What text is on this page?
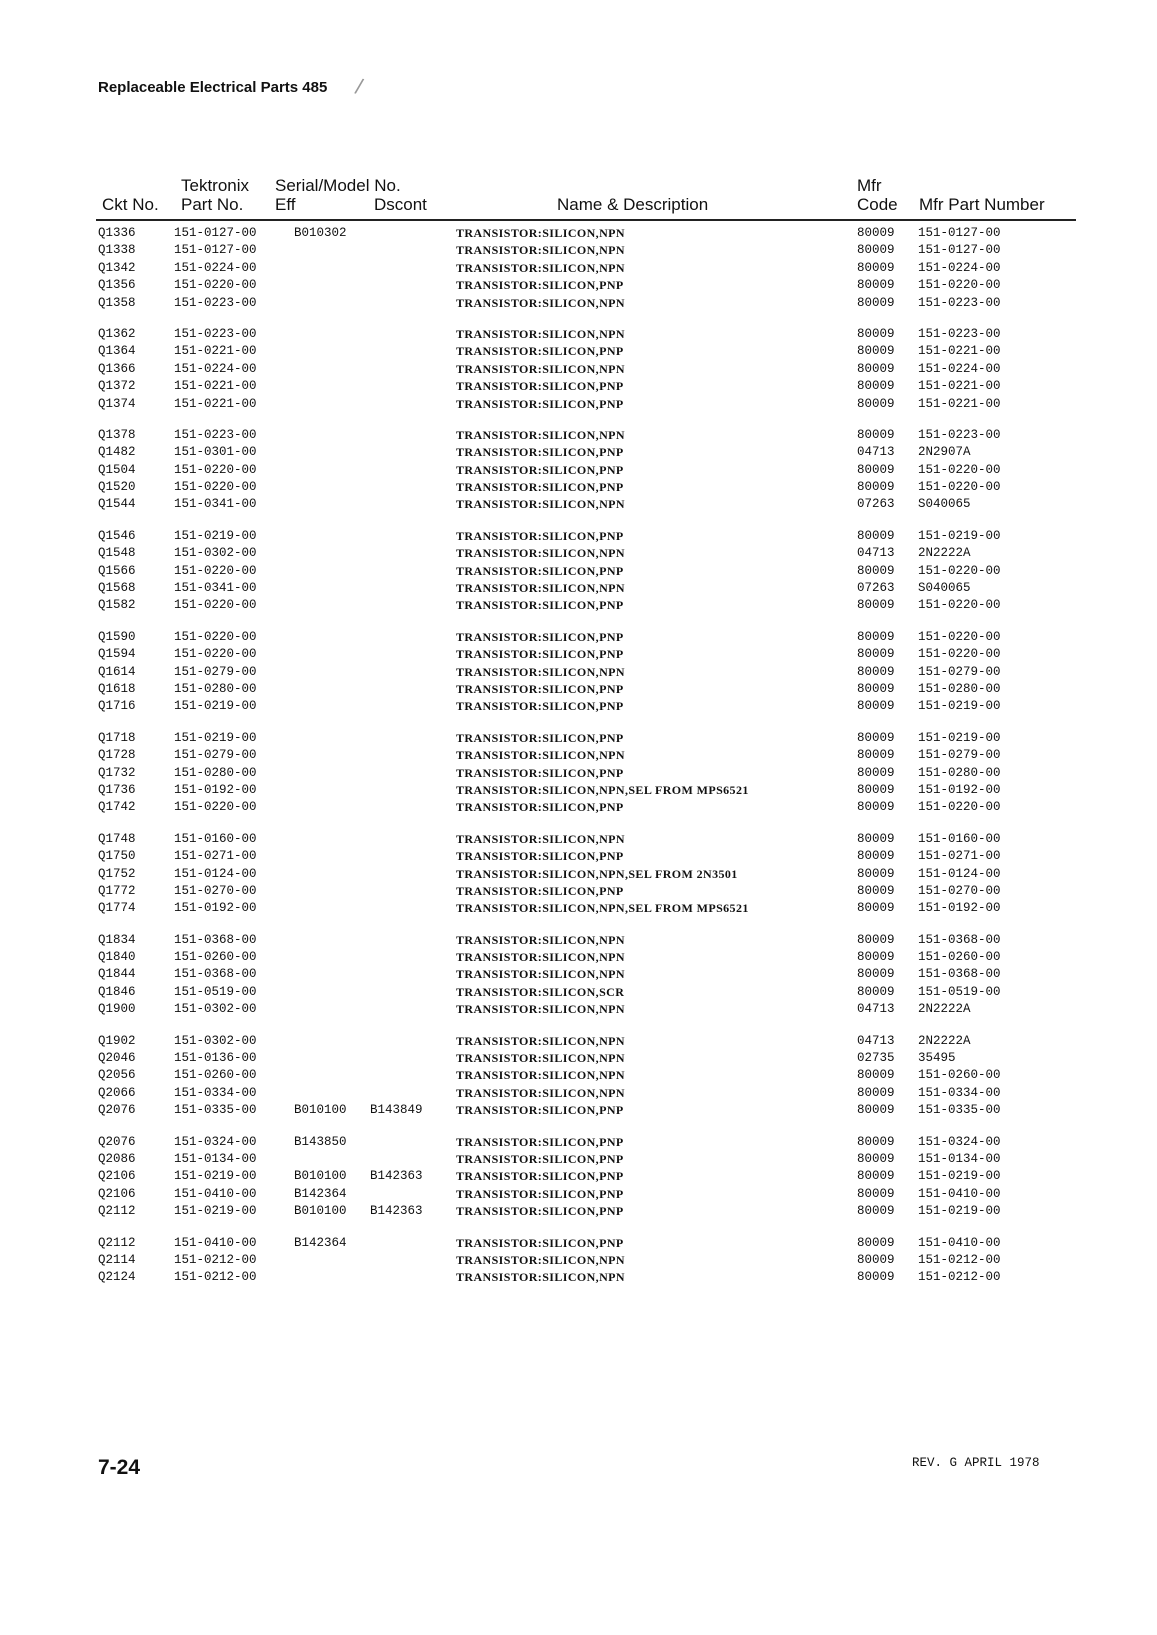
Replaceable Electrical Parts 485 /
Tektronix Serial/Model No.	Mfr
Ckt No. Part No. Eff	Dscont	Name & Description	Code Mfr Part Number
Q1336	151-0127-00	B010302	TRANSISTOR:SILICON,NPN	80009 151-0127-00
Q1338	151-0127-00	TRANSISTOR:SILICON,NPN	80009 151-0127-00
Q1342	151-0224-00	TRANSISTOR:SILICON,NPN	80009 151-0224-00
Q1356	151-0220-00	TRANSISTOR:SILICON,PNP	80009 151-0220-00
Q1358	151-0223-00	TRANSISTOR:SILICON,NPN	80009 151-0223-00
Q1362	151-0223-00	TRANSISTOR:SILICON,NPN	80009 151-0223-00
Q1364	151-0221-00	TRANSISTOR:SILICON,PNP	80009 151-0221-00
Q1366	151-0224-00	TRANSISTOR:SILICON,NPN	80009 151-0224-00
Q1372	151-0221-00	TRANSISTOR:SILICON,PNP	80009 151-0221-00
Q1374	151-0221-00	TRANSISTOR:SILICON,PNP	80009 151-0221-00
Q1378	151-0223-00	TRANSISTOR:SILICON,NPN	80009 151-0223-00
Q1482	151-0301-00	TRANSISTOR:SILICON,PNP	04713 2N2907A
Q1504	151-0220-00	TRANSISTOR:SILICON,PNP	80009 151-0220-00
Q1520	151-0220-00	TRANSISTOR:SILICON,PNP	80009 151-0220-00
Q1544	151-0341-00	TRANSISTOR:SILICON,NPN	07263 S040065
Q1546	151-0219-00	TRANSISTOR:SILICON,PNP	80009 151-0219-00
Q1548	151-0302-00	TRANSISTOR:SILICON,NPN	04713 2N2222A
Q1566	151-0220-00	TRANSISTOR:SILICON,PNP	80009 151-0220-00
Q1568	151-0341-00	TRANSISTOR:SILICON,NPN	07263 S040065
Q1582	151-0220-00	TRANSISTOR:SILICON,PNP	80009 151-0220-00
Q1590	151-0220-00	TRANSISTOR:SILICON,PNP	80009 151-0220-00
Q1594	151-0220-00	TRANSISTOR:SILICON,PNP	80009 151-0220-00
Q1614	151-0279-00	TRANSISTOR:SILICON,NPN	80009 151-0279-00
Q1618	151-0280-00	TRANSISTOR:SILICON,PNP	80009 151-0280-00
Q1716	151-0219-00	TRANSISTOR:SILICON,PNP	80009 151-0219-00
Q1718	151-0219-00	TRANSISTOR:SILICON,PNP	80009 151-0219-00
Q1728	151-0279-00	TRANSISTOR:SILICON,NPN	80009 151-0279-00
Q1732	151-0280-00	TRANSISTOR:SILICON,PNP	80009 151-0280-00
Q1736	151-0192-00	TRANSISTOR:SILICON,NPN,SEL FROM MPS6521	80009 151-0192-00
Q1742	151-0220-00	TRANSISTOR:SILICON,PNP	80009 151-0220-00
Q1748	151-0160-00	TRANSISTOR:SILICON,NPN	80009 151-0160-00
Q1750	151-0271-00	TRANSISTOR:SILICON,PNP	80009 151-0271-00
Q1752	151-0124-00	TRANSISTOR:SILICON,NPN,SEL FROM 2N3501	80009 151-0124-00
Q1772	151-0270-00	TRANSISTOR:SILICON,PNP	80009 151-0270-00
Q1774	151-0192-00	TRANSISTOR:SILICON,NPN,SEL FROM MPS6521	80009 151-0192-00
Q1834	151-0368-00	TRANSISTOR:SILICON,NPN	80009 151-0368-00
Q1840	151-0260-00	TRANSISTOR:SILICON,NPN	80009 151-0260-00
Q1844	151-0368-00	TRANSISTOR:SILICON,NPN	80009 151-0368-00
Q1846	151-0519-00	TRANSISTOR:SILICON,SCR	80009 151-0519-00
Q1900	151-0302-00	TRANSISTOR:SILICON,NPN	04713 2N2222A
Q1902	151-0302-00	TRANSISTOR:SILICON,NPN	04713 2N2222A
Q2046	151-0136-00	TRANSISTOR:SILICON,NPN	02735 35495
Q2056	151-0260-00	TRANSISTOR:SILICON,NPN	80009 151-0260-00
Q2066	151-0334-00	TRANSISTOR:SILICON,NPN	80009 151-0334-00
Q2076	151-0335-00	B010100 B143849	TRANSISTOR:SILICON,PNP	80009 151-0335-00
Q2076	151-0324-00	B143850	TRANSISTOR:SILICON,PNP	80009 151-0324-00
Q2086	151-0134-00	TRANSISTOR:SILICON,PNP	80009 151-0134-00
Q2106	151-0219-00	B010100 B142363	TRANSISTOR:SILICON,PNP	80009 151-0219-00
Q2106	151-0410-00	B142364	TRANSISTOR:SILICON,PNP	80009 151-0410-00
Q2112	151-0219-00	B010100 B142363	TRANSISTOR:SILICON,PNP	80009 151-0219-00
Q2112	151-0410-00	B142364	TRANSISTOR:SILICON,PNP	80009 151-0410-00
Q2114	151-0212-00	TRANSISTOR:SILICON,NPN	80009 151-0212-00
Q2124	151-0212-00	TRANSISTOR:SILICON,NPN	80009 151-0212-00
7-24	REV. G APRIL 1978
